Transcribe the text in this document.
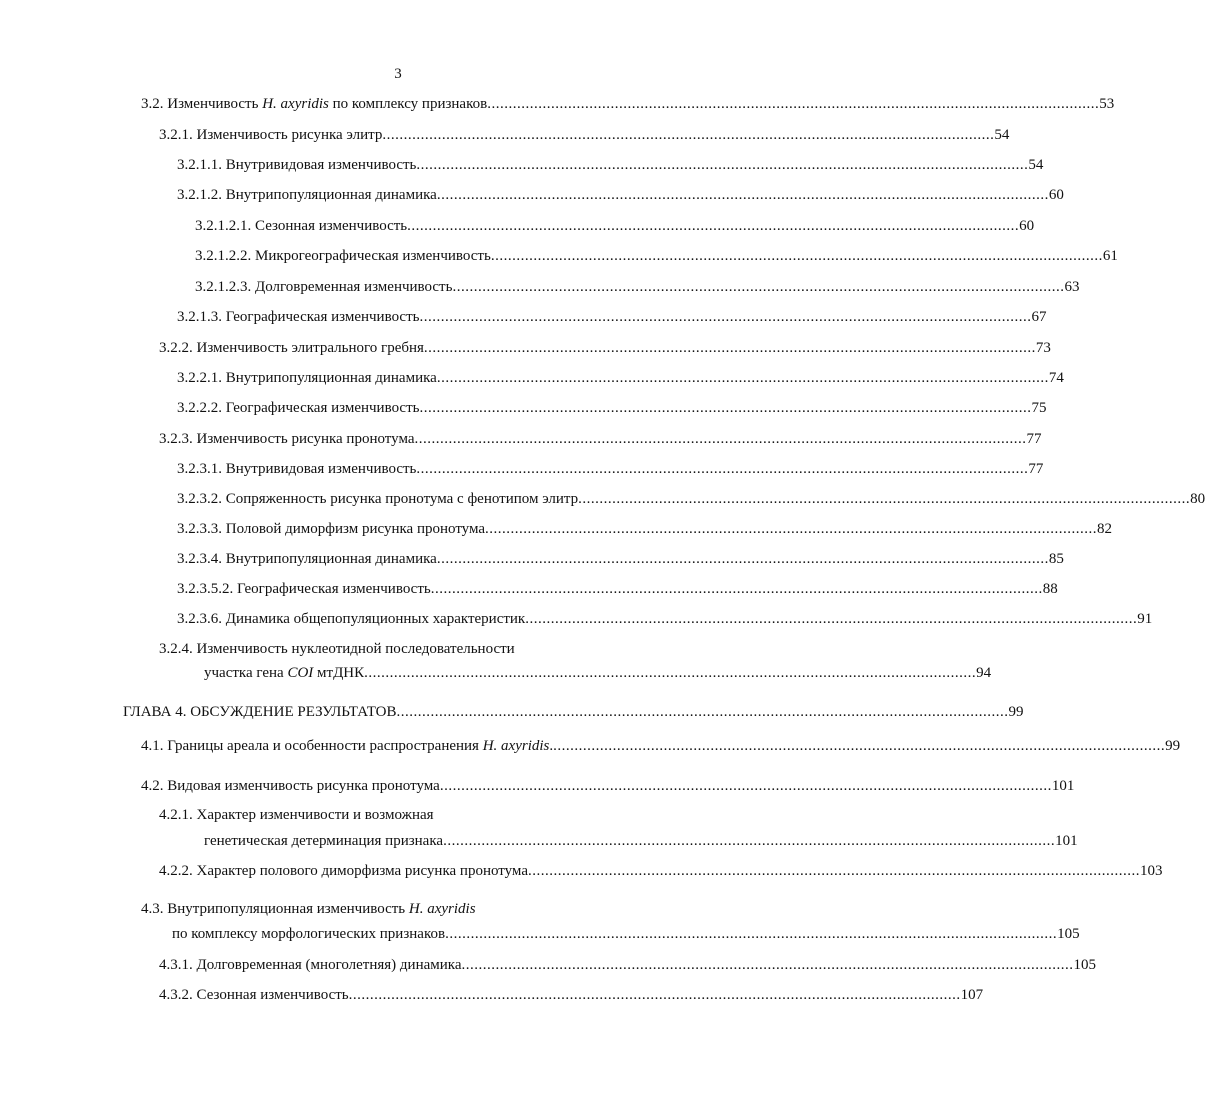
3
3.2. Изменчивость H. axyridis по комплексу признаков ................................................................................................................................................ 53
3.2.1. Изменчивость рисунка элитр ................................................................................................................................................ 54
3.2.1.1. Внутривидовая изменчивость ................................................................................................................................................ 54
3.2.1.2. Внутрипопуляционная динамика ................................................................................................................................................ 60
3.2.1.2.1. Сезонная изменчивость ................................................................................................................................................ 60
3.2.1.2.2. Микрогеографическая изменчивость ................................................................................................................................................ 61
3.2.1.2.3. Долговременная изменчивость ................................................................................................................................................ 63
3.2.1.3. Географическая изменчивость ................................................................................................................................................ 67
3.2.2. Изменчивость элитрального гребня ................................................................................................................................................ 73
3.2.2.1. Внутрипопуляционная динамика ................................................................................................................................................ 74
3.2.2.2. Географическая изменчивость ................................................................................................................................................ 75
3.2.3. Изменчивость рисунка пронотума ................................................................................................................................................ 77
3.2.3.1. Внутривидовая изменчивость ................................................................................................................................................ 77
3.2.3.2. Сопряженность рисунка пронотума с фенотипом элитр ................................................................................................................................................ 80
3.2.3.3. Половой диморфизм рисунка пронотума ................................................................................................................................................ 82
3.2.3.4. Внутрипопуляционная динамика ................................................................................................................................................ 85
3.2.3.5.2. Географическая изменчивость ................................................................................................................................................ 88
3.2.3.6. Динамика общепопуляционных характеристик ................................................................................................................................................ 91
3.2.4. Изменчивость нуклеотидной последовательности
участка гена COI мтДНК ................................................................................................................................................ 94
ГЛАВА 4. ОБСУЖДЕНИЕ РЕЗУЛЬТАТОВ ................................................................................................................................................ 99
4.1. Границы ареала и особенности распространения H. axyridis. ................................................................................................................................................ 99
4.2. Видовая изменчивость рисунка пронотума ................................................................................................................................................ 101
4.2.1. Характер изменчивости и возможная
генетическая детерминация признака ................................................................................................................................................ 101
4.2.2. Характер полового диморфизма рисунка пронотума ................................................................................................................................................ 103
4.3. Внутрипопуляционная изменчивость H. axyridis
по комплексу морфологических признаков ................................................................................................................................................ 105
4.3.1. Долговременная (многолетняя) динамика ................................................................................................................................................ 105
4.3.2. Сезонная изменчивость ................................................................................................................................................ 107
